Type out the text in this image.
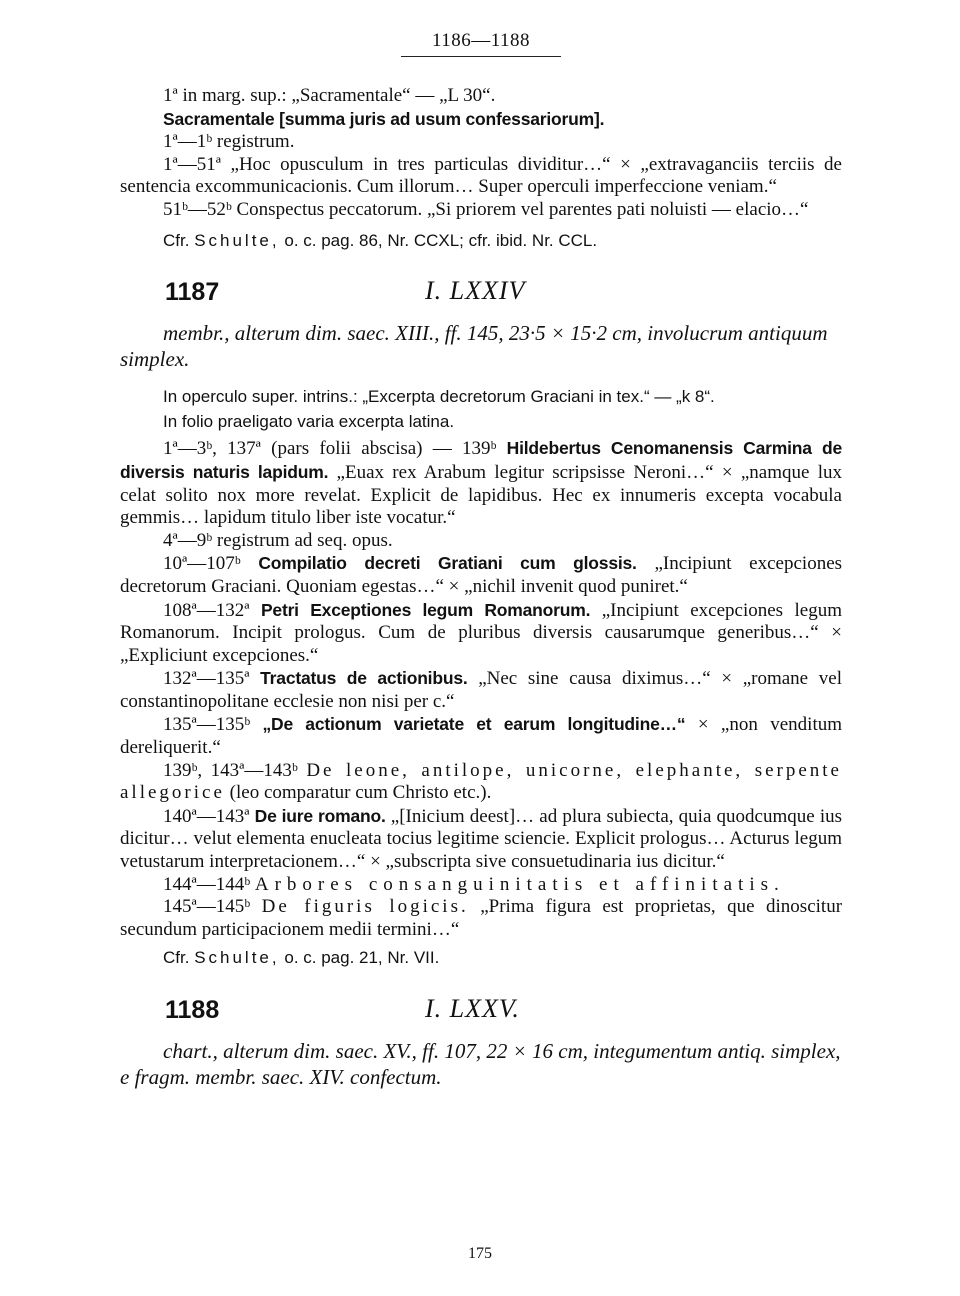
1186—1188

1ª in marg. sup.: „Sacramentale“ — „L 30“.

Sacramentale [summa juris ad usum confessariorum].

1ª—1ᵇ registrum.

1ª—51ª „Hoc opusculum in tres particulas dividitur…“ × „extravaganciis terciis de sentencia excommunicacionis. Cum illorum… Super operculi imperfeccione veniam.“

51ᵇ—52ᵇ Conspectus peccatorum. „Si priorem vel parentes pati noluisti — elacio…“

Cfr. Schulte, o. c. pag. 86, Nr. CCXL; cfr. ibid. Nr. CCL.

1187	I. LXXIV

membr., alterum dim. saec. XIII., ff. 145, 23·5 × 15·2 cm, involucrum antiquum simplex.

In operculo super. intrins.: „Excerpta decretorum Graciani in tex.“ — „k 8“.

In folio praeligato varia excerpta latina.

1ª—3ᵇ, 137ª (pars folii abscisa) — 139ᵇ Hildebertus Cenomanensis Carmina de diversis naturis lapidum. „Euax rex Arabum legitur scripsisse Neroni…“ × „namque lux celat solito nox more revelat. Explicit de lapidibus. Hec ex innumeris excepta vocabula gemmis… lapidum titulo liber iste vocatur.“

4ª—9ᵇ registrum ad seq. opus.

10ª—107ᵇ Compilatio decreti Gratiani cum glossis. „Incipiunt excepciones decretorum Graciani. Quoniam egestas…“ × „nichil invenit quod puniret.“

108ª—132ª Petri Exceptiones legum Romanorum. „Incipiunt excepciones legum Romanorum. Incipit prologus. Cum de pluribus diversis causarumque generibus…“ × „Expliciunt excepciones.“

132ª—135ª Tractatus de actionibus. „Nec sine causa diximus…“ × „romane vel constantinopolitane ecclesie non nisi per c.“

135ª—135ᵇ „De actionum varietate et earum longitudine…“ × „non venditum dereliquerit.“

139ᵇ, 143ª—143ᵇ De leone, antilope, unicorne, elephante, serpente allegorice (leo comparatur cum Christo etc.).

140ª—143ª De iure romano. „[Inicium deest]… ad plura subiecta, quia quodcumque ius dicitur… velut elementa enucleata tocius legitime sciencie. Explicit prologus… Acturus legum vetustarum interpretacionem…“ × „subscripta sive consuetudinaria ius dicitur.“

144ª—144ᵇ Arbores consanguinitatis et affinitatis.

145ª—145ᵇ De figuris logicis. „Prima figura est proprietas, que dinoscitur secundum participacionem medii termini…“

Cfr. Schulte, o. c. pag. 21, Nr. VII.

1188	I. LXXV.

chart., alterum dim. saec. XV., ff. 107, 22 × 16 cm, integumentum antiq. simplex, e fragm. membr. saec. XIV. confectum.

175
